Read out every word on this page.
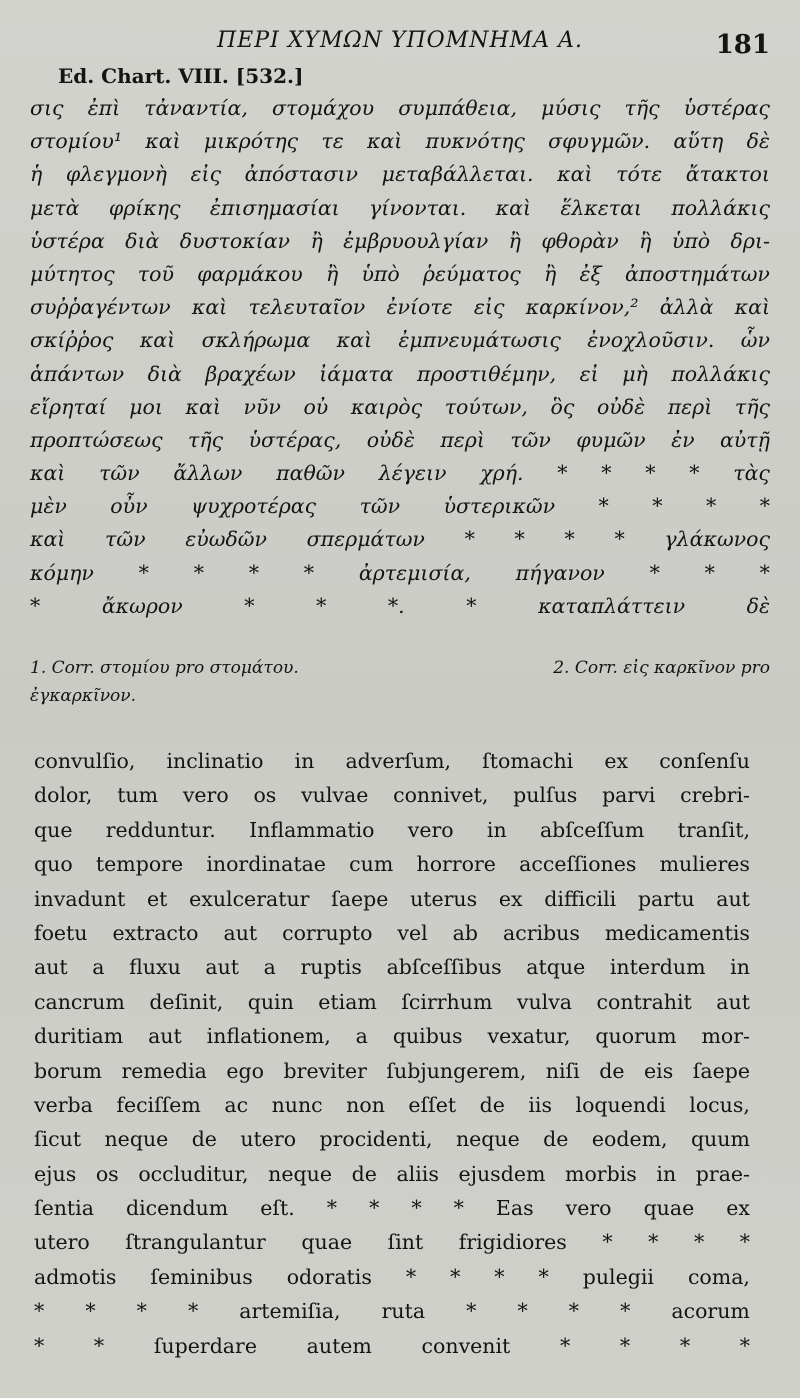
ΠΕΡΙ ΧΥΜΩΝ ΥΠΟΜΝΗΜΑ Α.	181
Ed. Chart. VIII. [532.]
σις ἐπὶ τἀναντία, στομάχου συμπάθεια, μύσις τῆς ὑστέρας
στομίου¹ καὶ μικρότης τε καὶ πυκνότης σφυγμῶν. αὕτη δὲ
ἡ φλεγμονὴ εἰς ἀπόστασιν μεταβάλλεται. καὶ τότε ἄτακτοι
μετὰ φρίκης ἐπισημασίαι γίνονται. καὶ ἕλκεται πολλάκις
ὑστέρα διὰ δυστοκίαν ἢ ἐμβρυουλγίαν ἢ φθορὰν ἢ ὑπὸ δρι-
μύτητος τοῦ φαρμάκου ἢ ὑπὸ ῥεύματος ἢ ἐξ ἀποστημάτων
συῤῥαγέντων καὶ τελευταῖον ἐνίοτε εἰς καρκίνον,² ἀλλὰ καὶ
σκίῤῥος καὶ σκλήρωμα καὶ ἐμπνευμάτωσις ἐνοχλοῦσιν. ὧν
ἁπάντων διὰ βραχέων ἰάματα προστιθέμην, εἰ μὴ πολλάκις
εἴρηταί μοι καὶ νῦν οὐ καιρὸς τούτων, ὃς οὐδὲ περὶ τῆς
προπτώσεως τῆς ὑστέρας, οὐδὲ περὶ τῶν φυμῶν ἐν αὐτῇ
καὶ τῶν ἄλλων παθῶν λέγειν χρή. * * * * τὰς
μὲν οὖν ψυχροτέρας τῶν ὑστερικῶν * * * *
καὶ τῶν εὐωδῶν σπερμάτων * * * * γλάκωνος
κόμην * * * * ἀρτεμισία, πήγανον * * *
*	ἄκωρον	*	*	*.	*	καταπλάττειν	δὲ
1. Corr. στομίου pro στομάτου.	2. Corr. εἰς καρκῖνον pro
ἐγκαρκῖνον.
convulſio, inclinatio in adverſum, ſtomachi ex conſenſu
dolor, tum vero os vulvae connivet, pulſus parvi crebri-
que redduntur. Inflammatio vero in abſceſſum tranſit,
quo tempore inordinatae cum horrore acceſſiones mulieres
invadunt et exulceratur ſaepe uterus ex difficili partu aut
foetu extracto aut corrupto vel ab acribus medicamentis
aut a fluxu aut a ruptis abſceſſibus atque interdum in
cancrum deſinit, quin etiam ſcirrhum vulva contrahit aut
duritiam aut inflationem, a quibus vexatur, quorum mor-
borum remedia ego breviter ſubjungerem, niſi de eis ſaepe
verba feciſſem ac nunc non eſſet de iis loquendi locus,
ſicut neque de utero procidenti, neque de eodem, quum
ejus os occluditur, neque de aliis ejusdem morbis in prae-
ſentia dicendum eſt. * * * * Eas vero quae ex
utero ſtrangulantur quae ſint frigidiores * * * *
admotis ſeminibus odoratis * * * * pulegii coma,
* * * * artemiſia, ruta * * * * acorum
* * ſuperdare autem convenit * * * *
